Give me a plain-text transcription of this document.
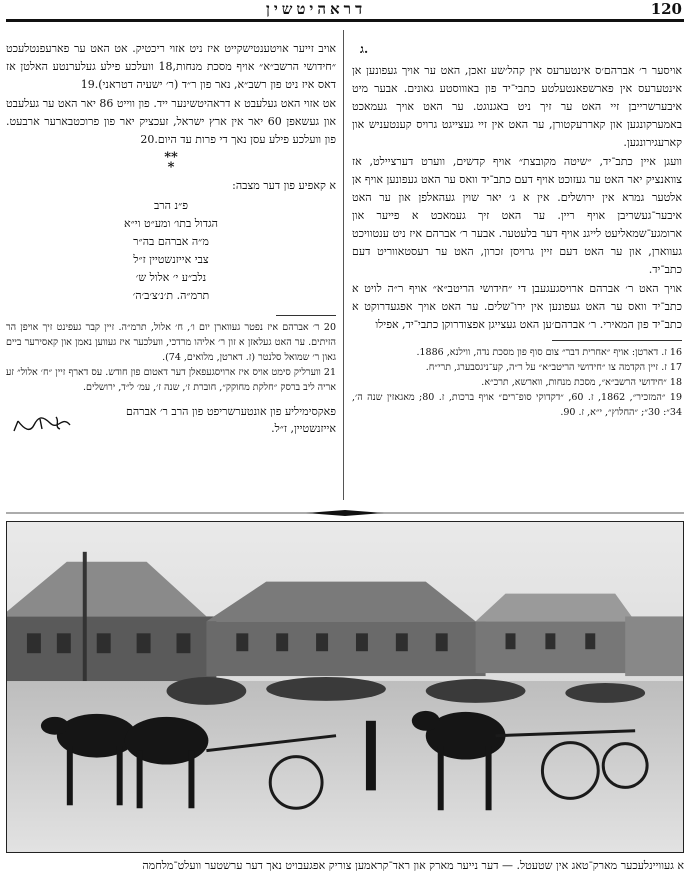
דראהיטשין	120
ג.

אויסער ר׳ אברהם׳ס אינטערעס אין קהל׳שע זאכן, האט ער אויך געפונען אן אינטערעס אין פארשפאנטעלטע כתבי־יד פון באוווסטע גאונים. אבער מיט איבערשרייבן זיי האט ער זיך ניט באגנוגט. ער האט אויך געמאכט באמערקונגען און קאררעקטורן, ער האט אין זיי געצייגט גרויס קענטעניש און קארעגירונגען.

וועגן איין כתב־יד, ״שיטה מקובצת״ אויף קדשים, ווערט דערציילט, אז צוואנציק יאר האט ער געזוכט אויף דעם כתב־יד וואס ער האט געפונען אויף אן אלטער גמרא אין ירושלים. אין א ג׳ יאר שוין געהאלפן און ער האט איבער־געשריבן אויף ריין. ער האט זיך געמאכט א פייער און ארומגע־שמאליעט לייגנ אויף דער בלעטער. אבער ר׳ אברהם איז ניט ענטוויכט געווארן, און ער האט דעם זיין גרויסן זכרון, האט ער רעסטאווריט דעם כתב־יד.

אויך האט ר׳ אברהם ארויסגעגעבן די ״חידושי הריטב״א״ אויף ר״ה לויט א כתב־יד וואס ער האט געפונען אין ירו־שלים. ער האט אויך אפגעדרוקט א כתב־יד פון המאירי. ר׳ אברהם׳ען האט געצייגן אפצודרוקן כתבי־יד, אפילו

16 ז. דארטן: אויף ״אחרית דבר״ צום סוף פון מסכת נדה, ווילנא, 1886.

17 ז. זיין הקדמה צו ״חידושי הריטב״א״ על ר״ה, קע־ניגסבערג, תרי״ח.

18 ״חידושי הרשב״א״, מסכת מנחות, ווארשא, תרכ״א.

19 ״המזכיר״, 1862, ז. 60, ״דקדוקי סופ־רים״ אויף ברכות, ז. 80; מאגאזין שנה ה׳, 34״: 30״; ״החלוץ״, י״א, ז. 90.

אויב זייער אויטענטישקייט איז ניט אזוי ריכטיק. אט האט ער פארעפנטלעכט ״חידושי הרשב״א״ אויף מסכת מנחות,18 וועלכע פילע געלערנטע האלטן אז דאס איז ניט פון רשב״א, נאר פון ר״ד (ר׳ ישעיה דטראני).19

אט אזוי האט געלעבט א דראהיטשינער ייד. פון ווייט 86 יאר האט ער געלעבט און געשאפן 60 יאר אין ארץ ישראל, זעכציק יאר פון פרוכטבארער ארבעט. פון וועלכע פילע עסן נאך די פרות עד היום.20

**
*

א קאפיע פון דער מצבה:

פ״נ הרב
הגדול בתו׳ ומע״ט וי״א
מ״ה אברהם בה״ר
צבי אייזנשטיין ז״ל
נלב״ע י׳ אלול ש׳
תרמ״ה. ת׳נ׳צ׳ב׳ה׳

20 ר׳ אברהם איז נפטר געווארן יום ו׳, ח׳ אלול, תרמ״ה. זיין קבר געפינט זיך אויפן הר הזיתים. ער האט געלאזן א זון ר׳ אליהו מרדכי, וועלכער איז געווען נאמן און קאסירער ביים גאון ר׳ שמואל סלנטר (ז. דארטן, מלואים, 74).

21 ווערליק סימט אויס איז ארויסגעפאלן דער דאטום פון חודש. עס דארף זיין ״ח׳ אלול״ זע אריה ליב ברסק ״חלקת מחוקק״, חוברת ז׳, שנה ז׳, עמ׳ ל״ד, ירושלים.

פאקסימיליע פון אונטערשריפט פון הרב ר׳ אברהם אייזנשטיין, ז״ל.
א געוויינלעכער מארק־טאג אין שטעטל. — דער נייער מארק און ראד־קראמען צוריק אפגעבויט נאך דער ערשטער וועלט־מלחמה
